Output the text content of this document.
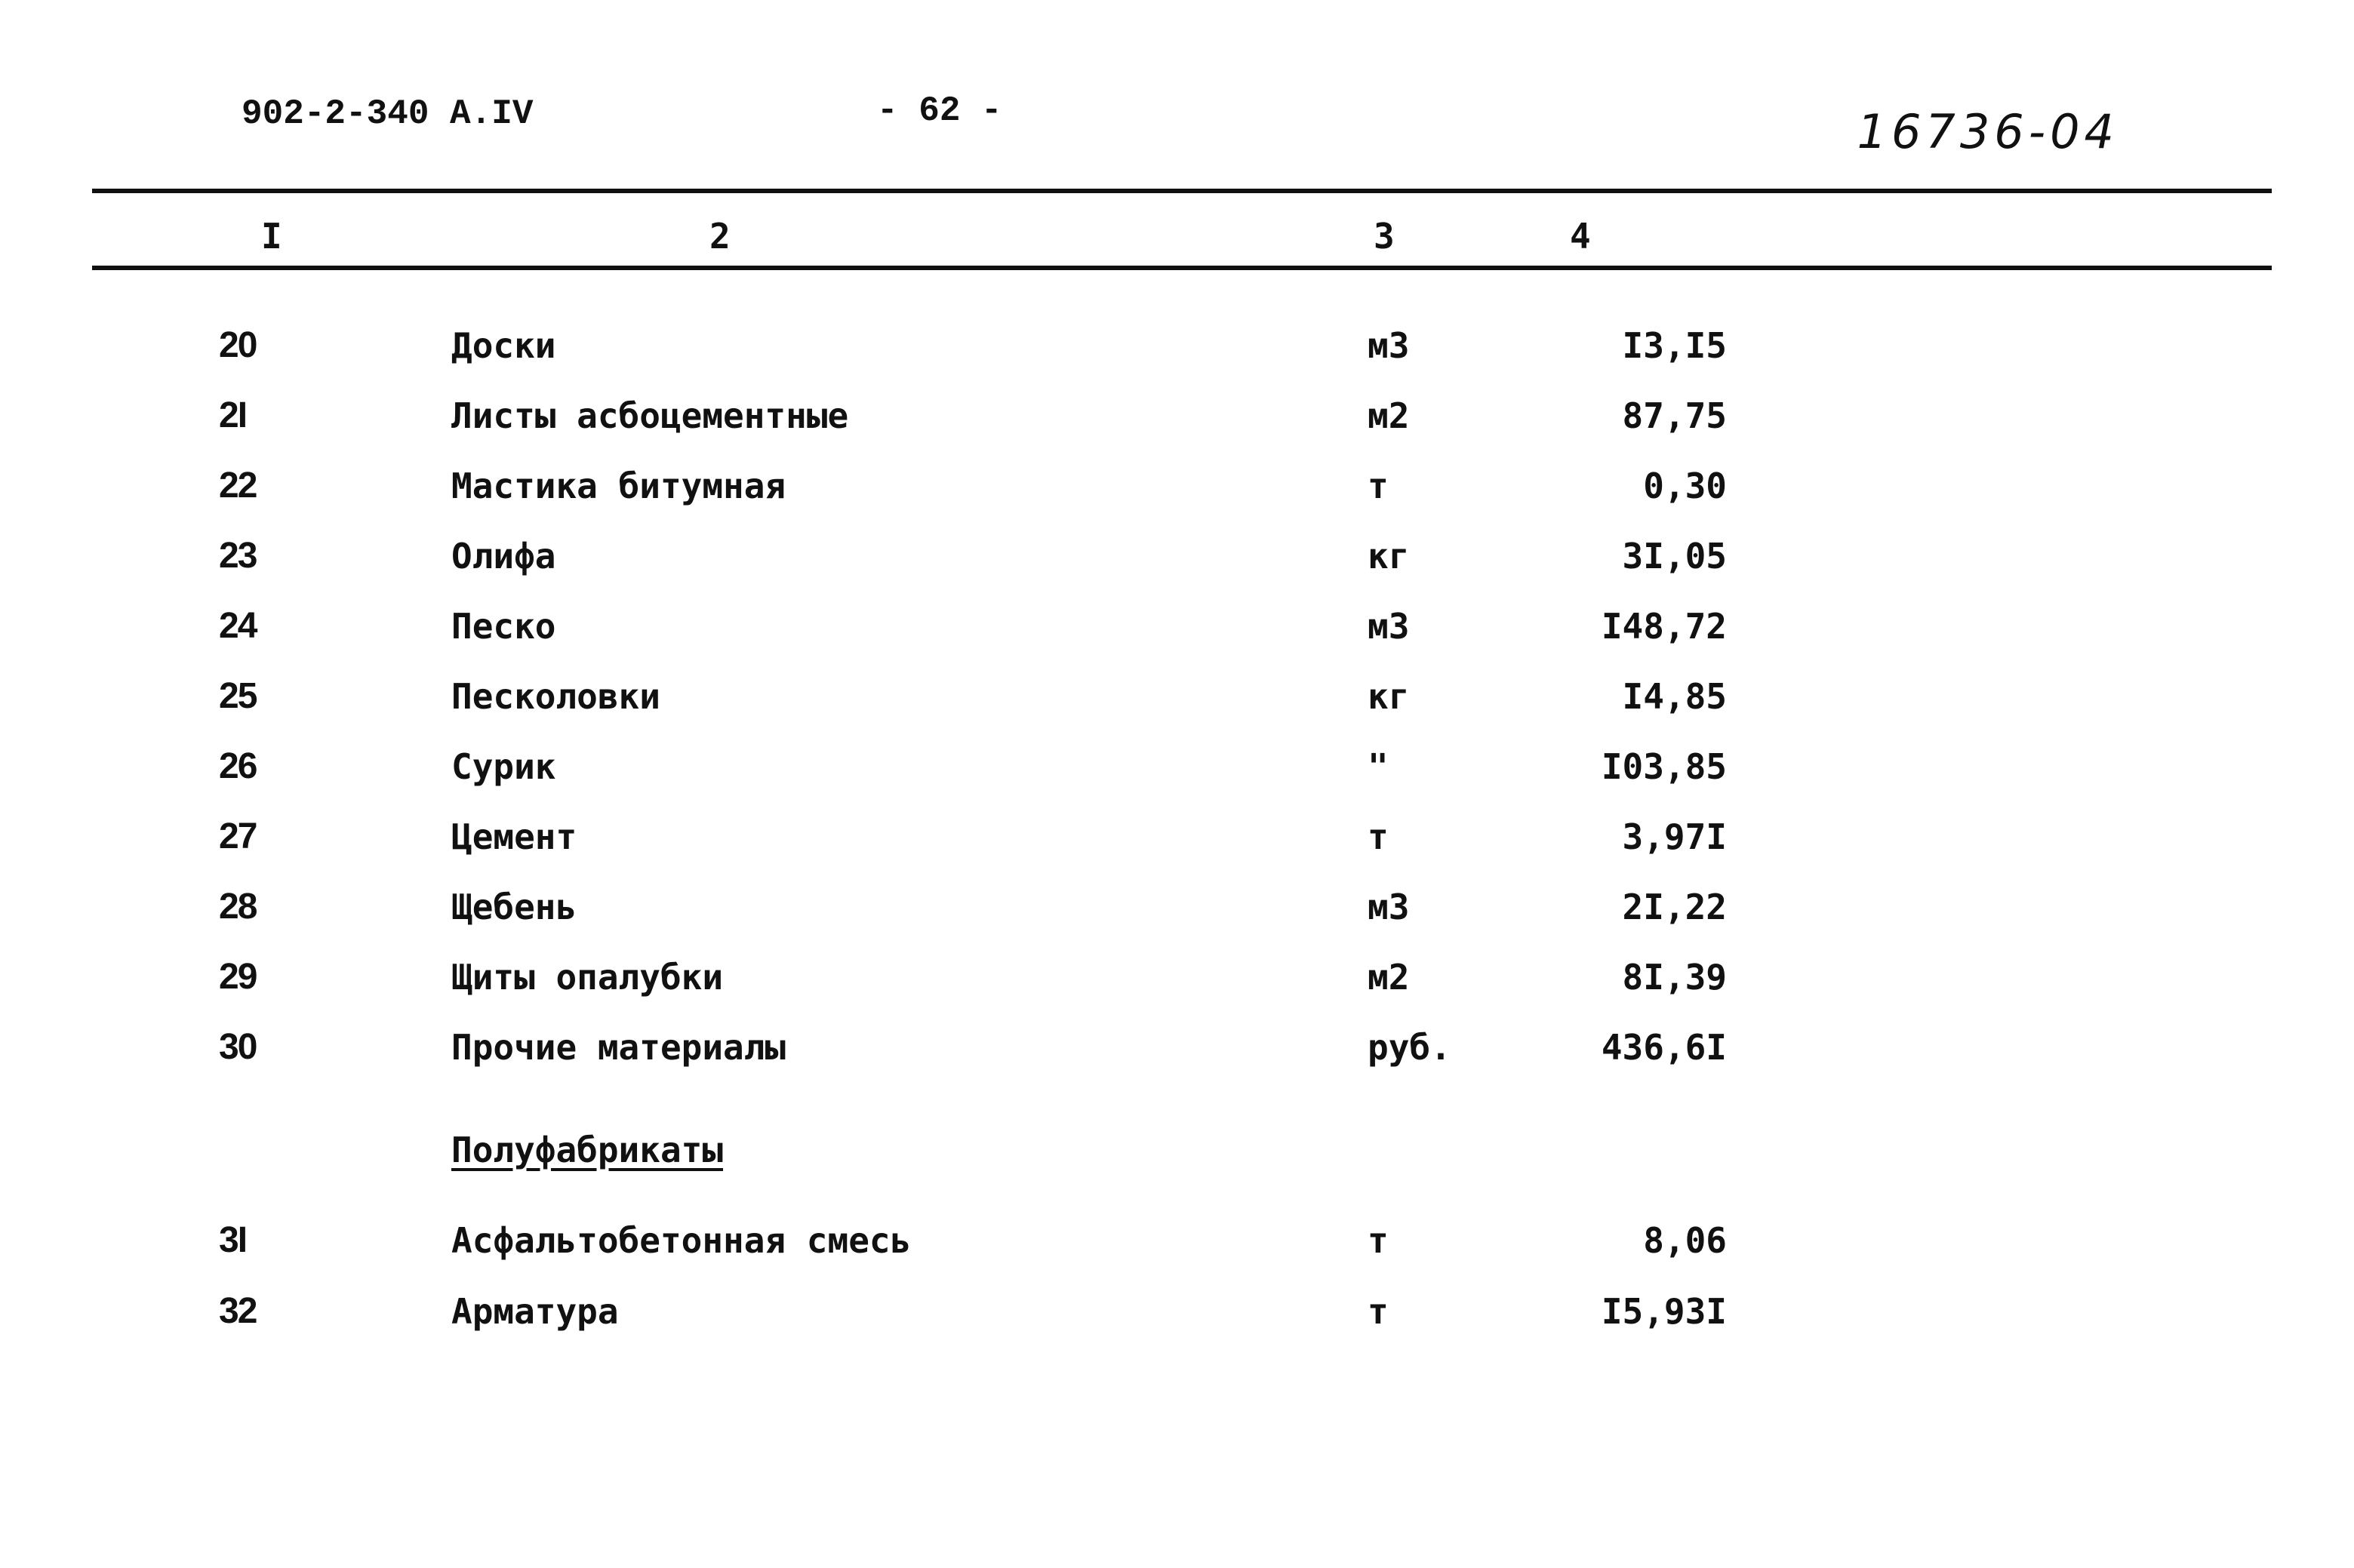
902-2-340 А.IV	- 62 -	16736-04
I	2	3	4
20	Доски	м3	I3,I5
2I	Листы асбоцементные	м2	87,75
22	Мастика битумная	т	0,30
23	Олифа	кг	3I,05
24	Песко	м3	I48,72
25	Песколовки	кг	I4,85
26	Сурик	"	I03,85
27	Цемент	т	3,97I
28	Щебень	м3	2I,22
29	Щиты опалубки	м2	8I,39
30	Прочие материалы	руб.	436,6I
Полуфабрикаты
3I	Асфальтобетонная смесь	т	8,06
32	Арматура	т	I5,93I
